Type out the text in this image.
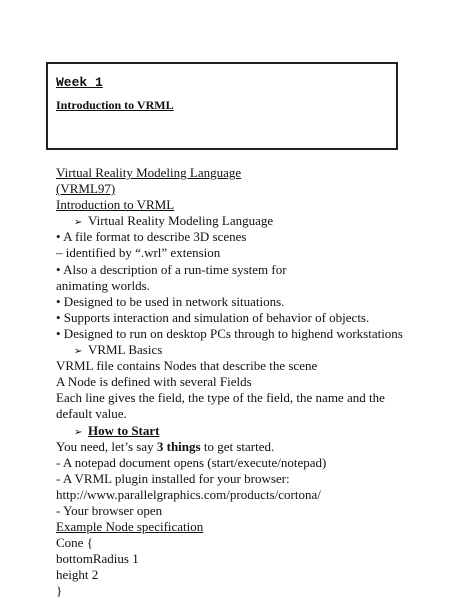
Week 1
Introduction to VRML
Virtual Reality Modeling Language
(VRML97)
Introduction to VRML
➢ Virtual Reality Modeling Language
• A file format to describe 3D scenes
– identified by “.wrl” extension
• Also a description of a run-time system for
animating worlds.
• Designed to be used in network situations.
• Supports interaction and simulation of behavior of objects.
• Designed to run on desktop PCs through to highend workstations
➢ VRML Basics
VRML file contains Nodes that describe the scene
A Node is defined with several Fields
Each line gives the field, the type of the field, the name and the default value.
➢ How to Start
You need, let’s say 3 things to get started.
- A notepad document opens (start/execute/notepad)
- A VRML plugin installed for your browser:
http://www.parallelgraphics.com/products/cortona/
- Your browser open
Example Node specification
Cone {
bottomRadius 1
height 2
}
